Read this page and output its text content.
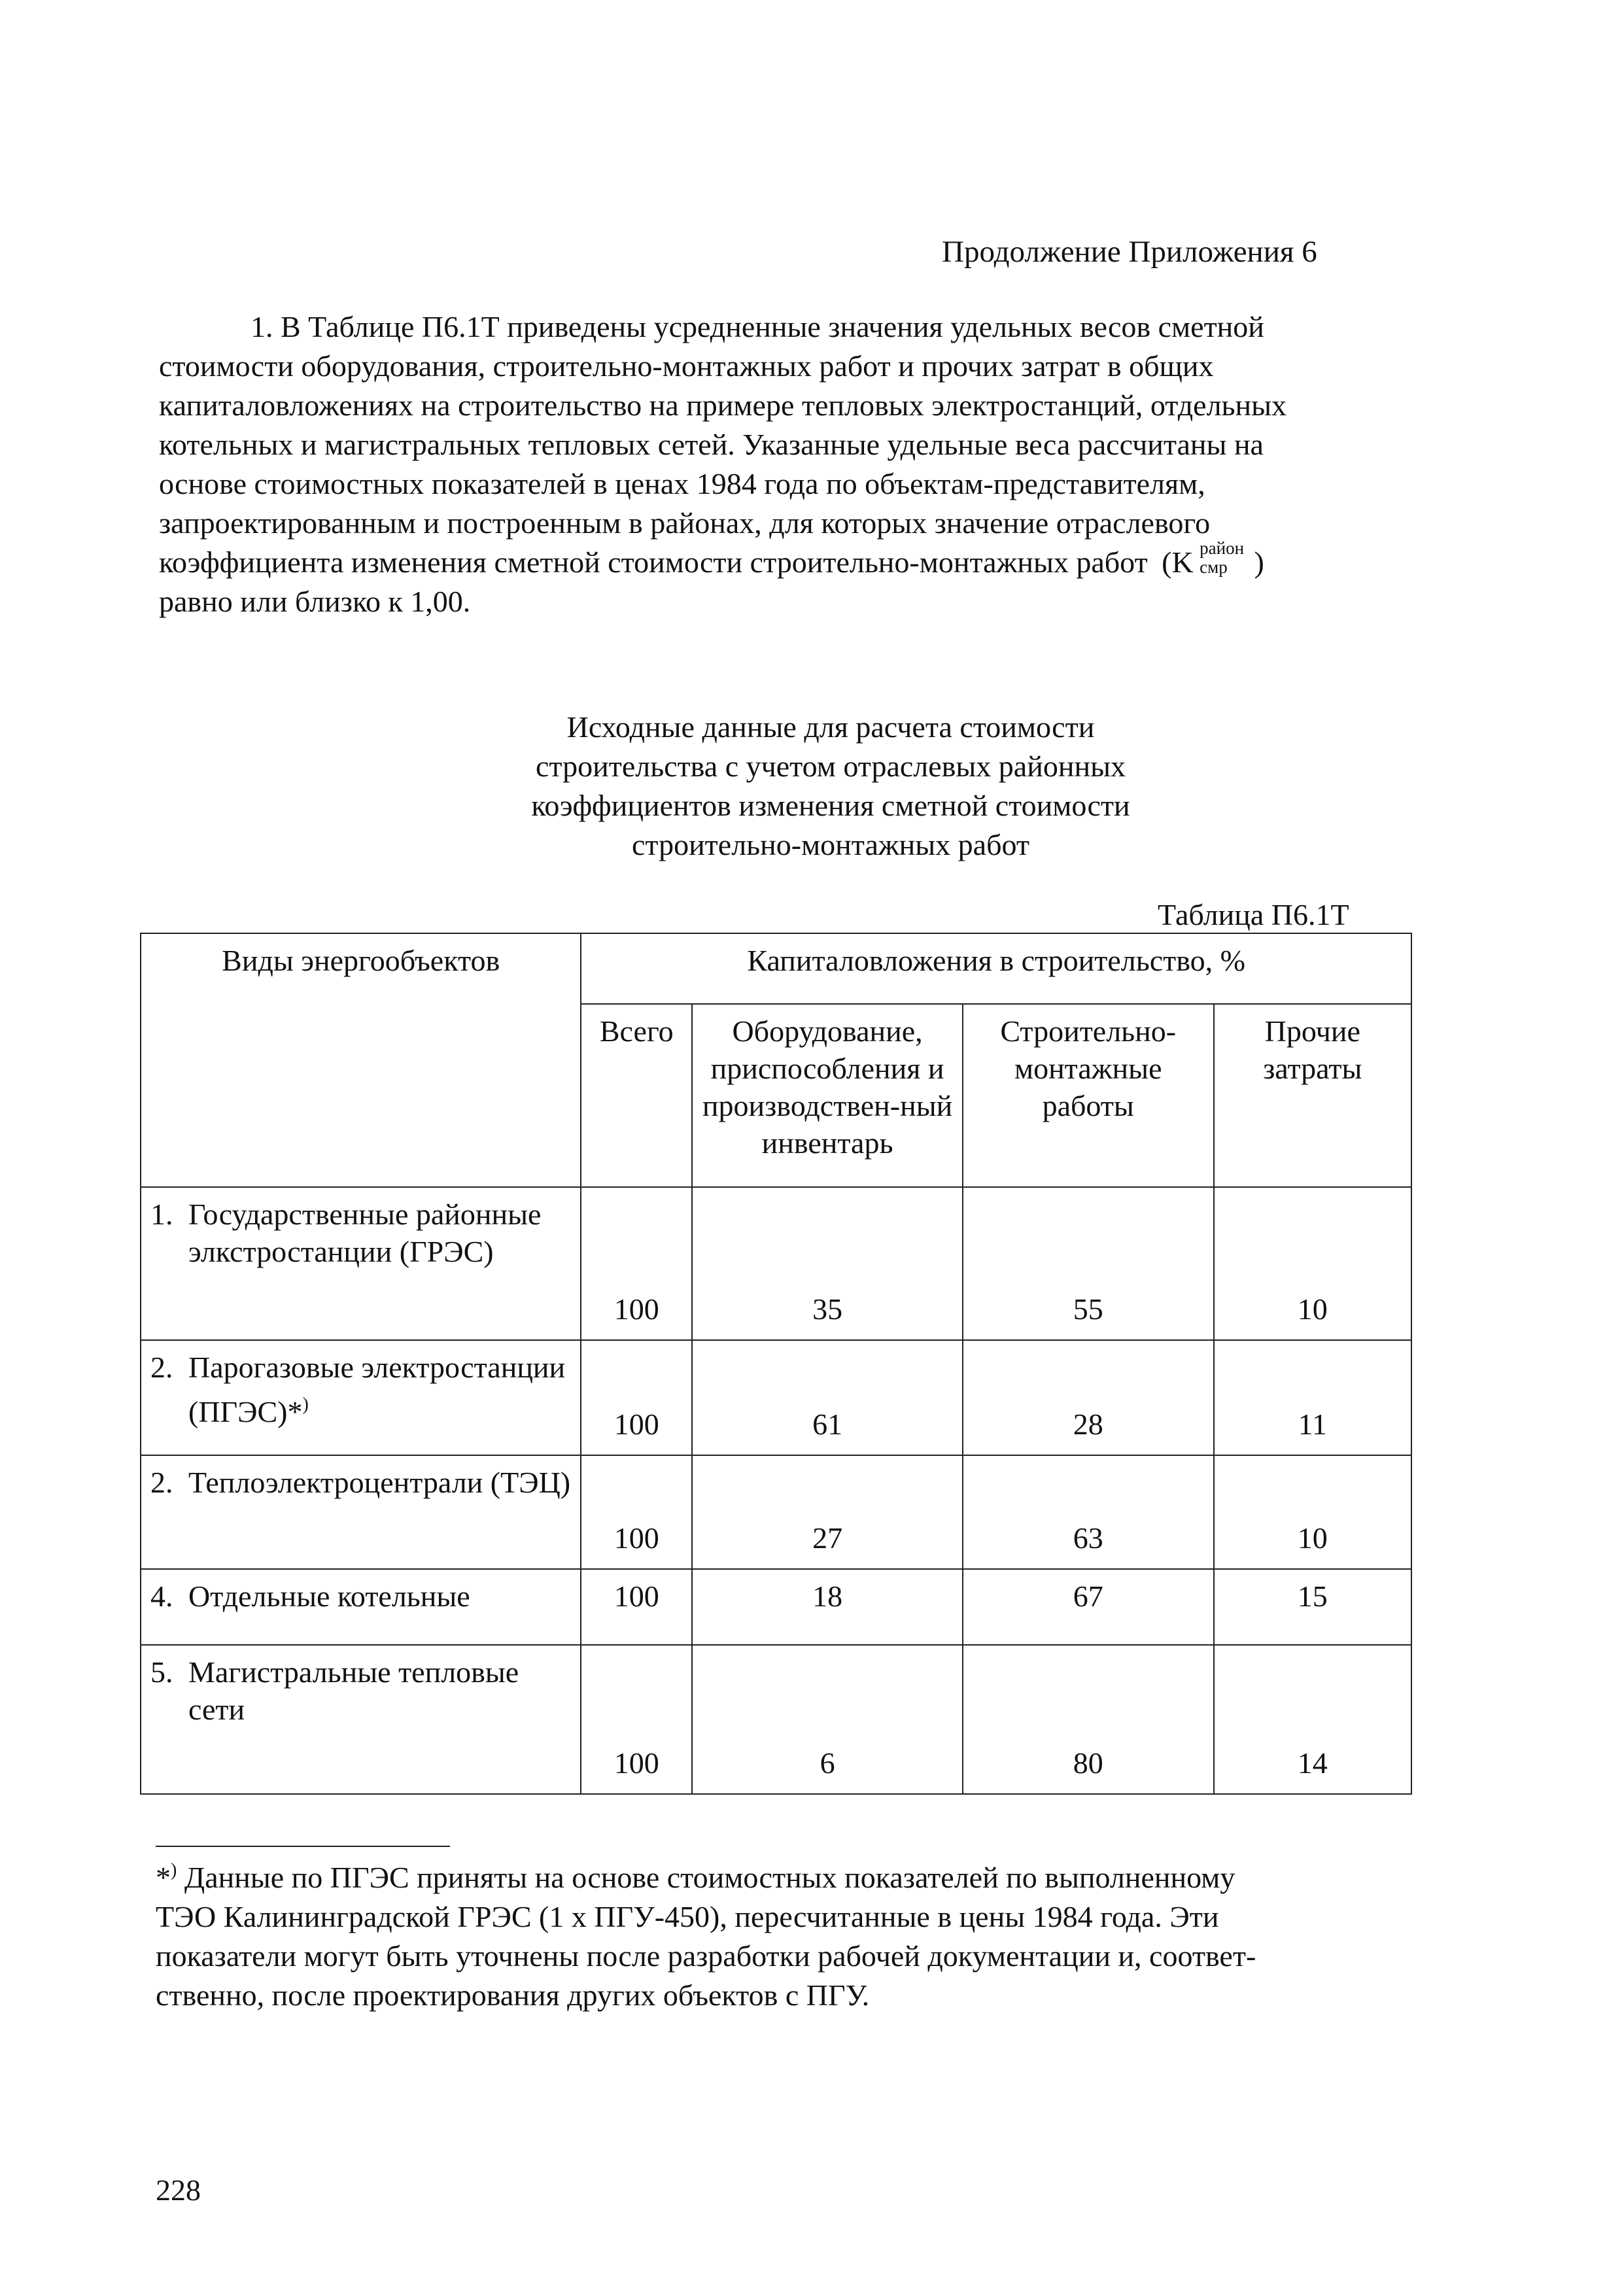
Продолжение Приложения 6
1. В Таблице П6.1Т приведены усредненные значения удельных весов сметной
стоимости оборудования, строительно-монтажных работ и прочих затрат в общих
капиталовложениях на строительство на примере тепловых электростанций, отдельных
котельных и магистральных тепловых сетей. Указанные удельные веса рассчитаны на
основе стоимостных показателей в ценах 1984 года по объектам-представителям,
запроектированным и построенным в районах, для которых значение отраслевого
коэффициента изменения сметной стоимости строительно-монтажных работ (K )
район
смр
равно или близко к 1,00.
Исходные данные для расчета стоимости
строительства с учетом отраслевых районных
коэффициентов изменения сметной стоимости
строительно-монтажных работ
Таблица П6.1Т
Виды энергообъектов	Капиталовложения в строительство, %			
	Всего	Оборудование, приспособления и производствен-ный инвентарь	Строительно-монтажные работы	Прочие затраты

1. Государственные районные элкстростанции (ГРЭС)	100	35	55	10

2. Парогазовые электростанции (ПГЭС)*)	100	61	28	11

2. Теплоэлектроцентрали (ТЭЦ)	100	27	63	10

4. Отдельные котельные	100	18	67	15

5. Магистральные тепловые сети	100	6	80	14
*) Данные по ПГЭС приняты на основе стоимостных показателей по выполненному
ТЭО Калининградской ГРЭС (1 х ПГУ-450), пересчитанные в цены 1984 года. Эти
показатели могут быть уточнены после разработки рабочей документации и, соответ-
ственно, после проектирования других объектов с ПГУ.
228
